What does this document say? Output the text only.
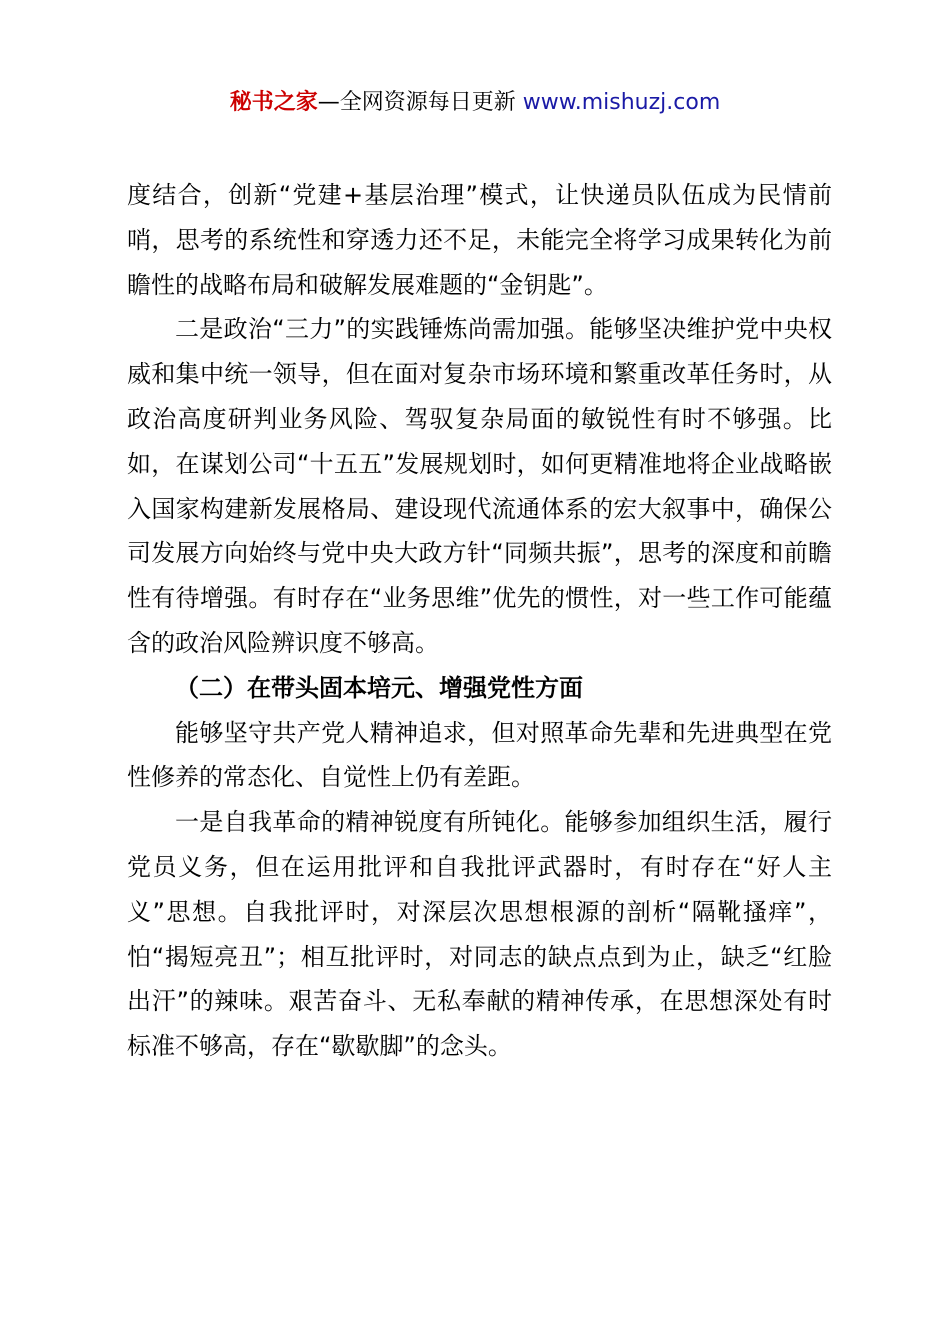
秘书之家—全网资源每日更新 www.mishuzj.com

度结合，创新“党建+基层治理”模式，让快递员队伍成为民情前哨，思考的系统性和穿透力还不足，未能完全将学习成果转化为前瞻性的战略布局和破解发展难题的“金钥匙”。

二是政治“三力”的实践锤炼尚需加强。能够坚决维护党中央权威和集中统一领导，但在面对复杂市场环境和繁重改革任务时，从政治高度研判业务风险、驾驭复杂局面的敏锐性有时不够强。比如，在谋划公司“十五五”发展规划时，如何更精准地将企业战略嵌入国家构建新发展格局、建设现代流通体系的宏大叙事中，确保公司发展方向始终与党中央大政方针“同频共振”，思考的深度和前瞻性有待增强。有时存在“业务思维”优先的惯性，对一些工作可能蕴含的政治风险辨识度不够高。

（二）在带头固本培元、增强党性方面

能够坚守共产党人精神追求，但对照革命先辈和先进典型在党性修养的常态化、自觉性上仍有差距。

一是自我革命的精神锐度有所钝化。能够参加组织生活，履行党员义务，但在运用批评和自我批评武器时，有时存在“好人主义”思想。自我批评时，对深层次思想根源的剖析“隔靴搔痒”，怕“揭短亮丑”；相互批评时，对同志的缺点点到为止，缺乏“红脸出汗”的辣味。艰苦奋斗、无私奉献的精神传承，在思想深处有时标准不够高，存在“歇歇脚”的念头。
